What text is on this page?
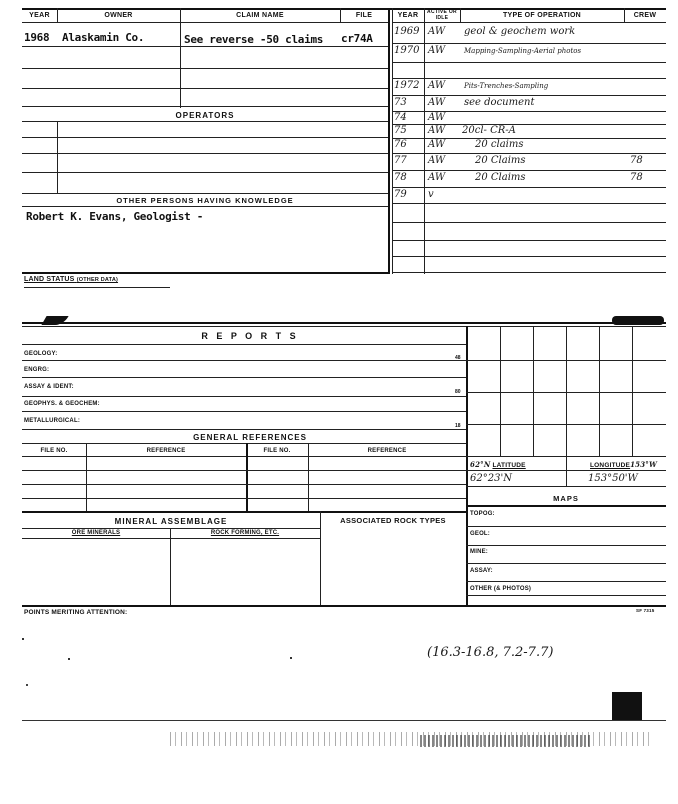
YEAR	OWNER	CLAIM NAME	FILE	YEAR	ACTIVE OR IDLE	TYPE OF OPERATION	CREW
1968 Alaskamin Co.	See reverse -50 claims cr74A
OPERATORS
OTHER PERSONS HAVING KNOWLEDGE
Robert K. Evans, Geologist -
1969 AW geol & geochem work
1970 AW	Mapping-Sampling-Aerial photos
1972 AW	Pits-Trenches-Sampling
73 AW see document
74 AW
75 AW 20cl- CR-A
76 AW	20 claims
77 AW	20 Claims	78
78 AW	20 Claims	78
79 v
LAND STATUS (OTHER DATA)
R E P O R T S
GEOLOGY:
ENGRG:
ASSAY & IDENT:
GEOPHYS. & GEOCHEM:
METALLURGICAL:
48
80
18
GENERAL REFERENCES
FILE NO.	REFERENCE	FILE NO.	REFERENCE
MINERAL ASSEMBLAGE
ORE MINERALS	ROCK FORMING, ETC.
ASSOCIATED ROCK TYPES
62°N LATITUDE	LONGITUDE153°W
62°23'N	153°50'W
MAPS
TOPOG:
GEOL:
MINE:
ASSAY:
OTHER (& PHOTOS)
POINTS MERITING ATTENTION:	SF 7315
(16.3-16.8, 7.2-7.7)
